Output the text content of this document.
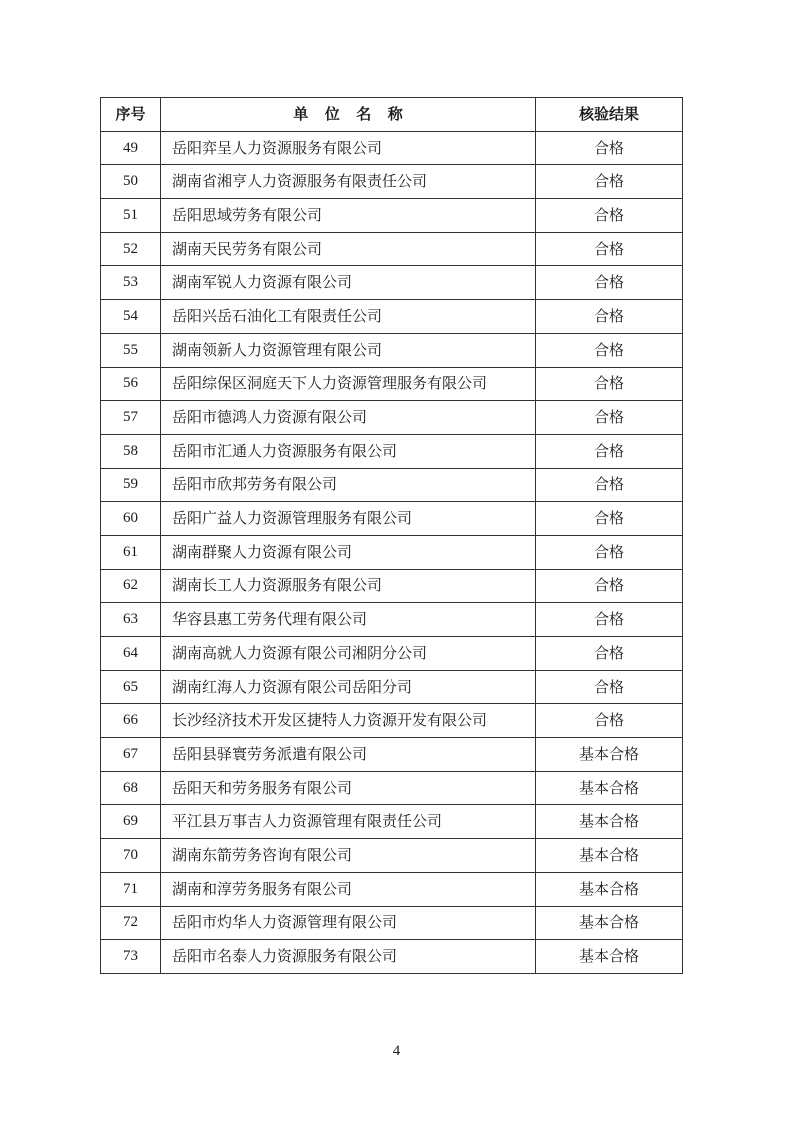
序号	单位名称	核验结果
49	岳阳弈呈人力资源服务有限公司	合格
50	湖南省湘亨人力资源服务有限责任公司	合格
51	岳阳思域劳务有限公司	合格
52	湖南天民劳务有限公司	合格
53	湖南军锐人力资源有限公司	合格
54	岳阳兴岳石油化工有限责任公司	合格
55	湖南领新人力资源管理有限公司	合格
56	岳阳综保区洞庭天下人力资源管理服务有限公司	合格
57	岳阳市德鸿人力资源有限公司	合格
58	岳阳市汇通人力资源服务有限公司	合格
59	岳阳市欣邦劳务有限公司	合格
60	岳阳广益人力资源管理服务有限公司	合格
61	湖南群聚人力资源有限公司	合格
62	湖南长工人力资源服务有限公司	合格
63	华容县惠工劳务代理有限公司	合格
64	湖南高就人力资源有限公司湘阴分公司	合格
65	湖南红海人力资源有限公司岳阳分司	合格
66	长沙经济技术开发区捷特人力资源开发有限公司	合格
67	岳阳县驿寰劳务派遣有限公司	基本合格
68	岳阳天和劳务服务有限公司	基本合格
69	平江县万事吉人力资源管理有限责任公司	基本合格
70	湖南东箭劳务咨询有限公司	基本合格
71	湖南和淳劳务服务有限公司	基本合格
72	岳阳市灼华人力资源管理有限公司	基本合格
73	岳阳市名泰人力资源服务有限公司	基本合格
4
